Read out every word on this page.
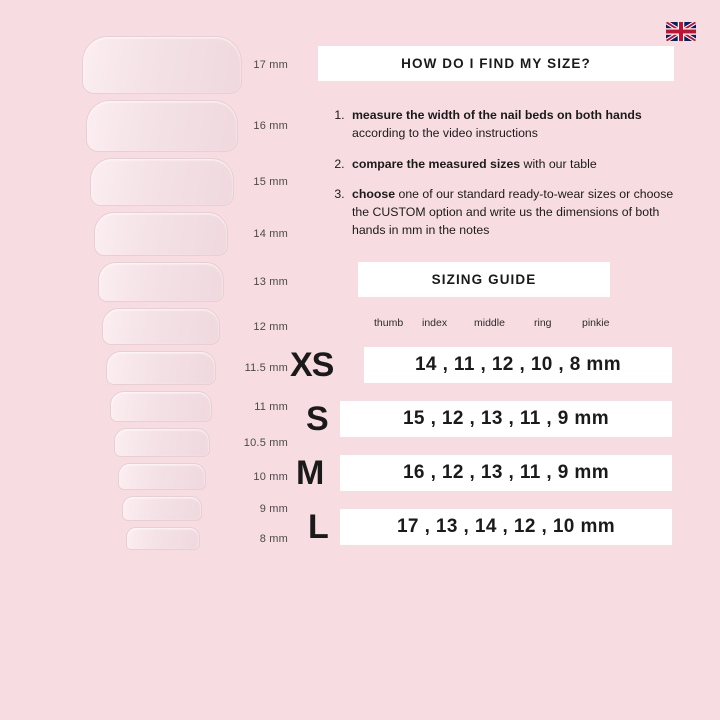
17 mm
16 mm
15 mm
14 mm
13 mm
12 mm
11.5 mm
11 mm
10.5 mm
10 mm
9 mm
8 mm
HOW DO I FIND MY SIZE?
1. measure the width of the nail beds on both hands according to the video instructions
2. compare the measured sizes with our table
3. choose one of our standard ready-to-wear sizes or choose the CUSTOM option and write us the dimensions of both hands in mm in the notes
SIZING GUIDE
thumb index	middle	ring	pinkie
XS	14 , 11 , 12 , 10 , 8 mm
S	15 , 12 , 13 , 11 , 9 mm
M	16 , 12 , 13 , 11 , 9 mm
L	17 , 13 , 14 , 12 , 10 mm
